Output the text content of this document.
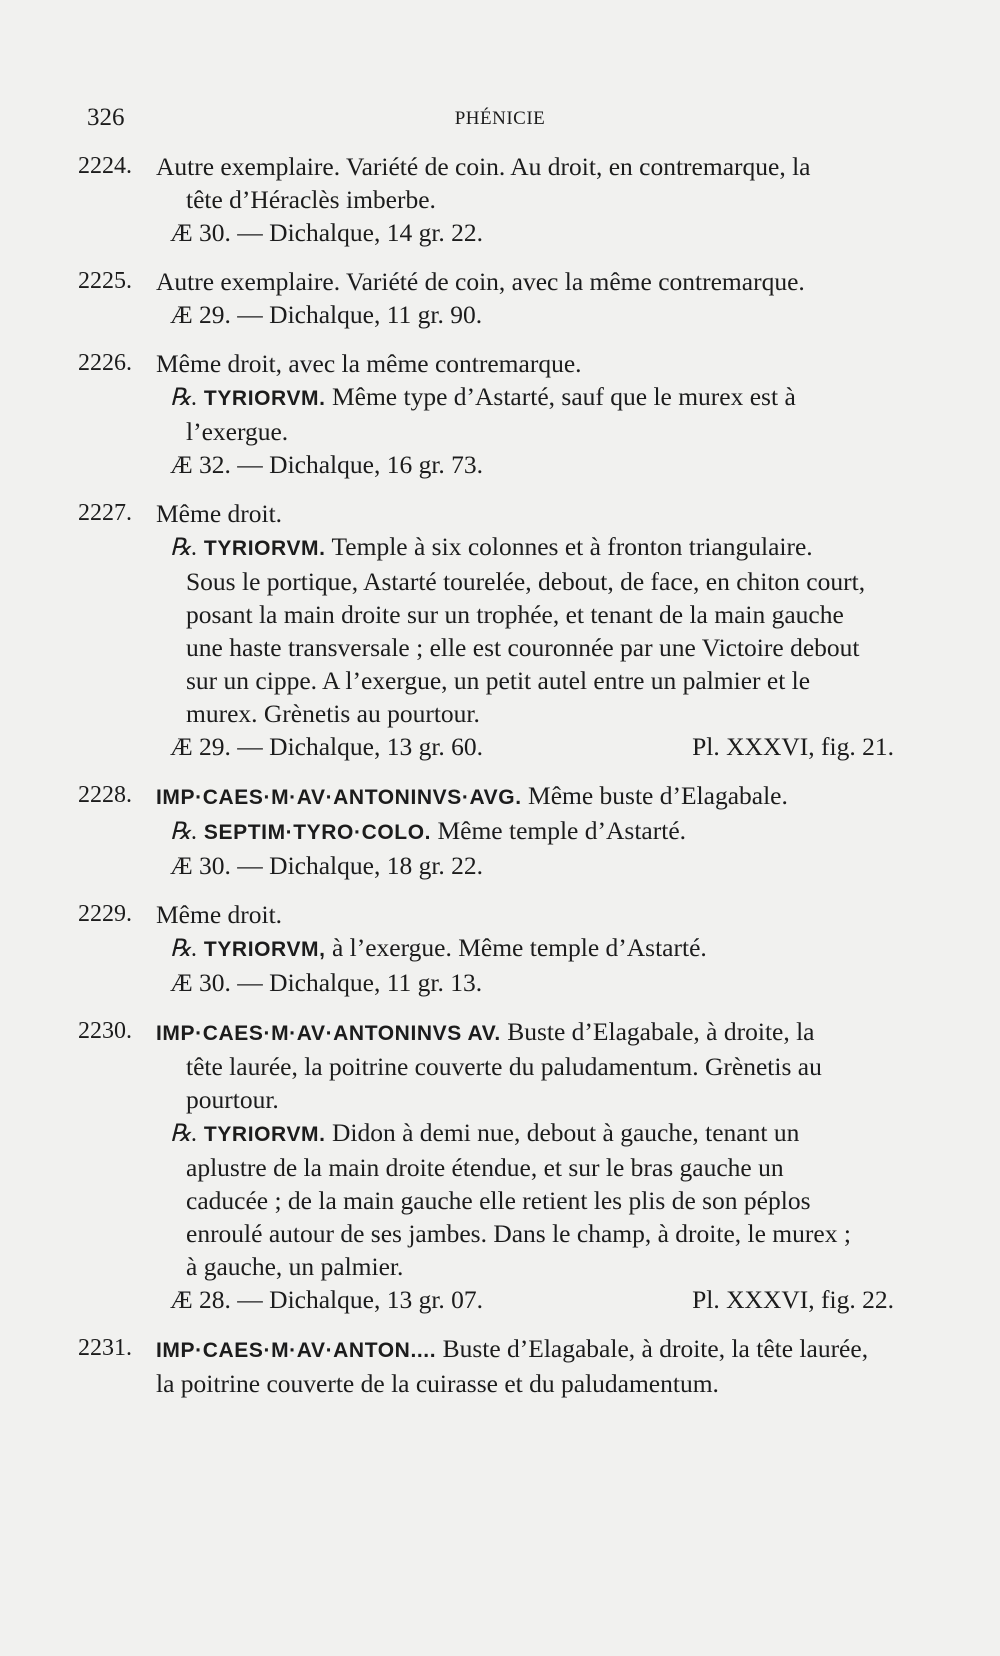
326	PHÉNICIE
2224. Autre exemplaire. Variété de coin. Au droit, en contremarque, la
tête d’Héraclès imberbe.
Æ 30. — Dichalque, 14 gr. 22.
2225. Autre exemplaire. Variété de coin, avec la même contremarque.
Æ 29. — Dichalque, 11 gr. 90.
2226. Même droit, avec la même contremarque.
℞. TYRIORVM. Même type d’Astarté, sauf que le murex est à
l’exergue.
Æ 32. — Dichalque, 16 gr. 73.
2227. Même droit.
℞. TYRIORVM. Temple à six colonnes et à fronton triangulaire.
Sous le portique, Astarté tourelée, debout, de face, en chiton court,
posant la main droite sur un trophée, et tenant de la main gauche
une haste transversale ; elle est couronnée par une Victoire debout
sur un cippe. A l’exergue, un petit autel entre un palmier et le
murex. Grènetis au pourtour.
Æ 29. — Dichalque, 13 gr. 60.	Pl. XXXVI, fig. 21.
2228.	IMP·CAES·M·AV·ANTONINVS·AVG. Même buste d’Elagabale.
℞. SEPTIM·TYRO·COLO. Même temple d’Astarté.
Æ 30. — Dichalque, 18 gr. 22.
2229. Même droit.
℞. TYRIORVM, à l’exergue. Même temple d’Astarté.
Æ 30. — Dichalque, 11 gr. 13.
2230.	IMP·CAES·M·AV·ANTONINVS AV. Buste d’Elagabale, à droite, la
tête laurée, la poitrine couverte du paludamentum. Grènetis au
pourtour.
℞. TYRIORVM. Didon à demi nue, debout à gauche, tenant un
aplustre de la main droite étendue, et sur le bras gauche un
caducée ; de la main gauche elle retient les plis de son péplos
enroulé autour de ses jambes. Dans le champ, à droite, le murex ;
à gauche, un palmier.
Æ 28. — Dichalque, 13 gr. 07.	Pl. XXXVI, fig. 22.
2231.	IMP·CAES·M·AV·ANTON.... Buste d’Elagabale, à droite, la tête laurée,
la poitrine couverte de la cuirasse et du paludamentum.
